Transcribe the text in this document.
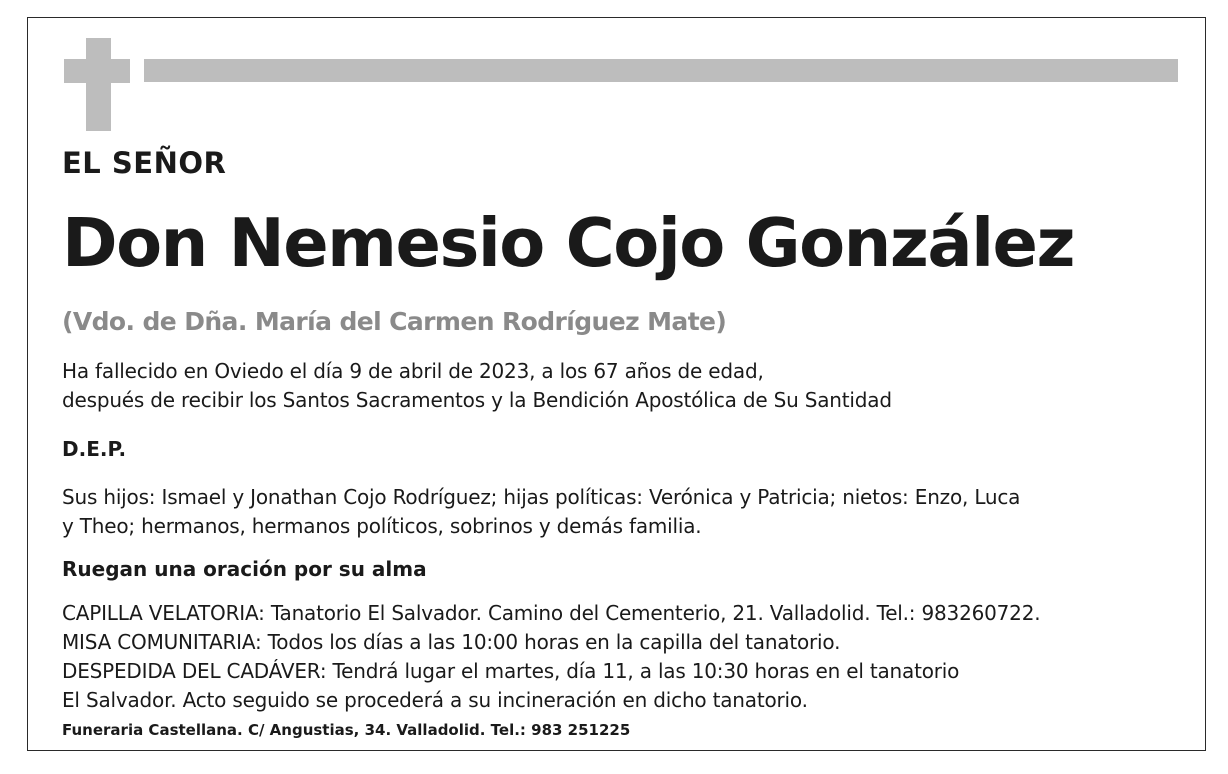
EL SEÑOR
Don Nemesio Cojo González

(Vdo. de Dña. María del Carmen Rodríguez Mate)

Ha fallecido en Oviedo el día 9 de abril de 2023, a los 67 años de edad,
después de recibir los Santos Sacramentos y la Bendición Apostólica de Su Santidad

D.E.P.

Sus hijos: Ismael y Jonathan Cojo Rodríguez; hijas políticas: Verónica y Patricia; nietos: Enzo, Luca
y Theo; hermanos, hermanos políticos, sobrinos y demás familia.

Ruegan una oración por su alma

CAPILLA VELATORIA: Tanatorio El Salvador. Camino del Cementerio, 21. Valladolid. Tel.: 983260722.
MISA COMUNITARIA: Todos los días a las 10:00 horas en la capilla del tanatorio.
DESPEDIDA DEL CADÁVER: Tendrá lugar el martes, día 11, a las 10:30 horas en el tanatorio
El Salvador. Acto seguido se procederá a su incineración en dicho tanatorio.

Funeraria Castellana. C/ Angustias, 34. Valladolid. Tel.: 983 251225
